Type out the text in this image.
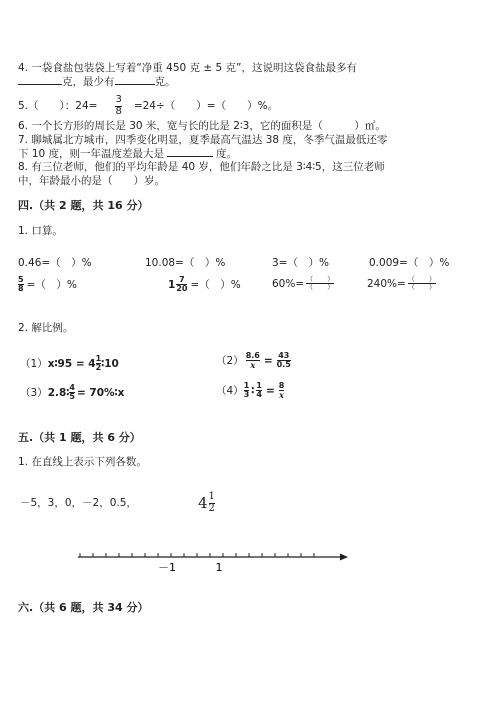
4. 一袋食盐包装袋上写着“净重 450 克 ± 5 克”，这说明这袋食盐最多有
克，最少有	克。
5.（　　）：$24= \frac{3}{8} =24\div$（　　）=（　　）%。
6. 一个长方形的周长是 30 米，宽与长的比是 2∶3，它的面积是（　　　）㎡。
7. 聊城属北方城市，四季变化明显，夏季最高气温达 38 度，冬季气温最低还零
下 10 度，则一年温度差最大是	度。
8. 有三位老师，他们的平均年龄是 40 岁，他们年龄之比是 3∶4∶5，这三位老师
中，年龄最小的是（　　）岁。
四.（共 2 题，共 16 分）
1. 口算。
0.46=（　）%	10.08=（　）%	3=（　）%	0.009=（　）%
$\frac{5}{8}$ =（　）%	$1 \frac{7}{20}$ =（　）%	$60\%= \frac{( )}{( )}$	$240\%= \frac{( )}{( )}$
2. 解比例。
（1） x∶95 = $4 \frac{1}{2}$ ∶10	$(2) \frac{8.6}{x} = \frac{43}{0.5}$
（3） 2.8∶ $\frac{4}{5}$ = 70%∶x	$(4) \frac{1}{3}$ ∶ $\frac{1}{4} = \frac{8}{x}$
五.（共 1 题，共 6 分）
1. 在直线上表示下列各数。
－5，3，0，－2，0.5，	$4 \frac{1}{2}$
－1	1
六.（共 6 题，共 34 分）
